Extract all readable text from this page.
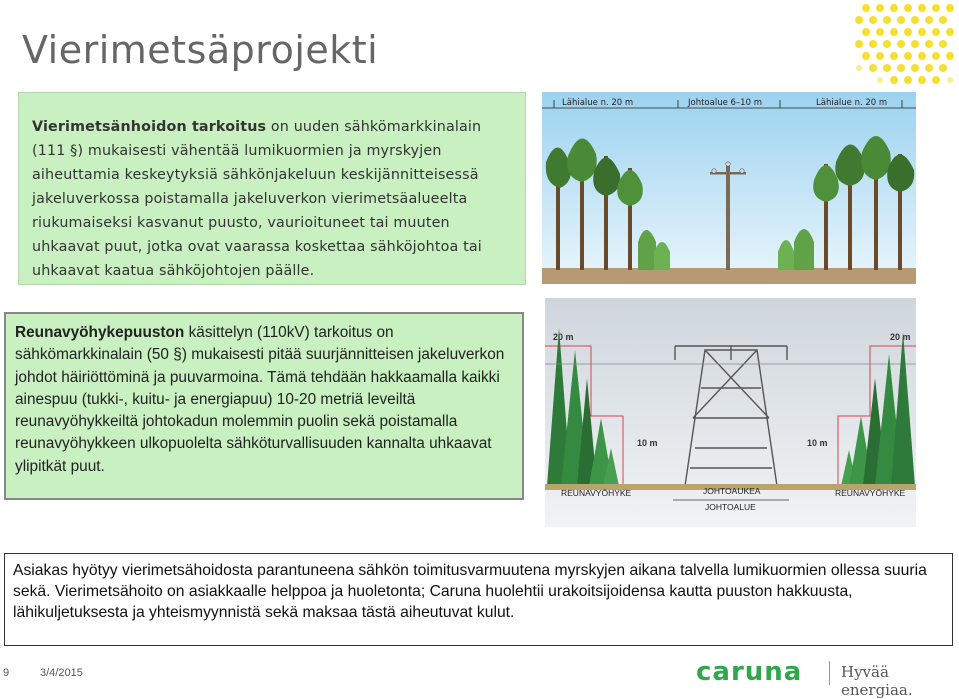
Vierimetsäprojekti

Vierimetsänhoidon tarkoitus on uuden sähkömarkkinalain (111 §) mukaisesti vähentää lumikuormien ja myrskyjen aiheuttamia keskeytyksiä sähkönjakeluun keskijännitteisessä jakeluverkossa poistamalla jakeluverkon vierimetsäalueelta riukumaiseksi kasvanut puusto, vaurioituneet tai muuten uhkaavat puut, jotka ovat vaarassa koskettaa sähköjohtoa tai uhkaavat kaatua sähköjohtojen päälle.

Reunavyöhykepuuston käsittelyn (110kV) tarkoitus on sähkömarkkinalain (50 §) mukaisesti pitää suurjännitteisen jakeluverkon johdot häiriöttöminä ja puuvarmoina. Tämä tehdään hakkaamalla kaikki ainespuu (tukki-, kuitu- ja energiapuu) 10-20 metriä leveiltä reunavyöhykkeiltä johtokadun molemmin puolin sekä poistamalla reunavyöhykkeen ulkopuolelta sähköturvallisuuden kannalta uhkaavat ylipitkät puut.

Asiakas hyötyy vierimetsähoidosta parantuneena sähkön toimitusvarmuutena myrskyjen aikana talvella lumikuormien ollessa suuria sekä. Vierimetsähoito on asiakkaalle helppoa ja huoletonta; Caruna huolehtii urakoitsijoidensa kautta puuston hakkuusta, lähikuljetuksesta ja yhteismyynnistä sekä maksaa tästä aiheutuvat kulut.

Lähialue n. 20 m	Johtoalue 6–10 m	Lähialue n. 20 m
20 m	20 m
10 m	10 m
REUNAVYÖHYKE	JOHTOAUKEA	REUNAVYÖHYKE
JOHTOALUE
9	3/4/2015	caruna	Hyvää energiaa.
